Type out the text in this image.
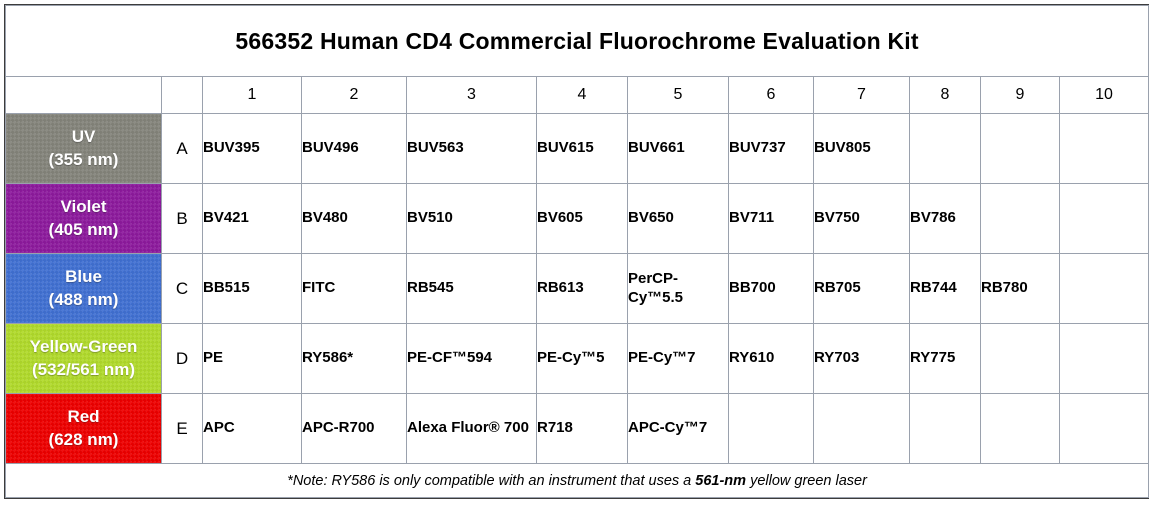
566352 Human CD4 Commercial Fluorochrome Evaluation Kit											
		1	2	3	4	5	6	7	8	9	10

UV
(355 nm)	A	BUV395	BUV496	BUV563	BUV615	BUV661	BUV737	BUV805			

Violet
(405 nm)	B	BV421	BV480	BV510	BV605	BV650	BV711	BV750	BV786		

Blue
(488 nm)	C	BB515	FITC	RB545	RB613	PerCP-Cy™5.5	BB700	RB705	RB744	RB780	

Yellow-Green
(532/561 nm)	D	PE	RY586*	PE-CF™594	PE-Cy™5	PE-Cy™7	RY610	RY703	RY775		

Red
(628 nm)	E	APC	APC-R700	Alexa Fluor® 700	R718	APC-Cy™7					
*Note: RY586 is only compatible with an instrument that uses a 561-nm yellow green laser											
